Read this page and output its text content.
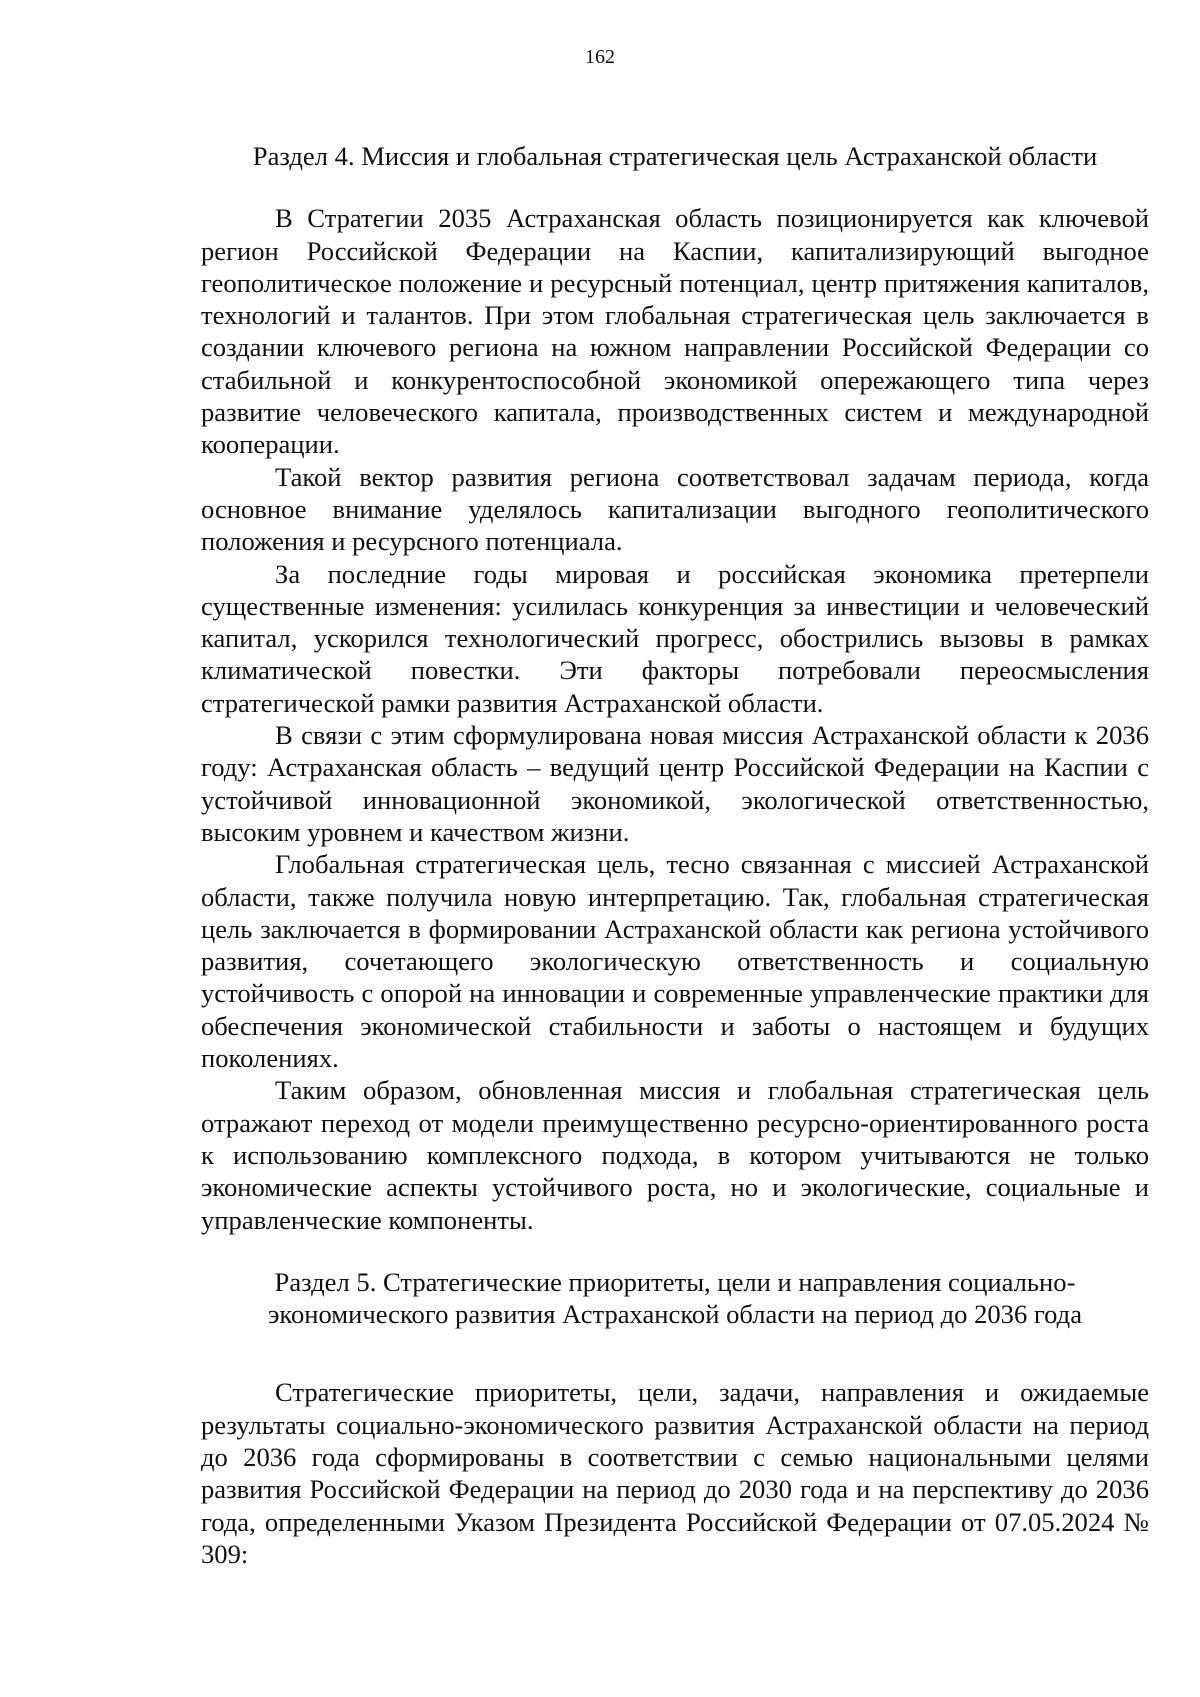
162
Раздел 4. Миссия и глобальная стратегическая цель Астраханской области

В Стратегии 2035 Астраханская область позиционируется как ключевой регион Российской Федерации на Каспии, капитализирующий выгодное геополитическое положение и ресурсный потенциал, центр притяжения капиталов, технологий и талантов. При этом глобальная стратегическая цель заключается в создании ключевого региона на южном направлении Российской Федерации со стабильной и конкурентоспособной экономикой опережающего типа через развитие человеческого капитала, производственных систем и международной кооперации.

Такой вектор развития региона соответствовал задачам периода, когда основное внимание уделялось капитализации выгодного геополитического положения и ресурсного потенциала.

За последние годы мировая и российская экономика претерпели существенные изменения: усилилась конкуренция за инвестиции и человеческий капитал, ускорился технологический прогресс, обострились вызовы в рамках климатической повестки. Эти факторы потребовали переосмысления стратегической рамки развития Астраханской области.

В связи с этим сформулирована новая миссия Астраханской области к 2036 году: Астраханская область – ведущий центр Российской Федерации на Каспии с устойчивой инновационной экономикой, экологической ответственностью, высоким уровнем и качеством жизни.

Глобальная стратегическая цель, тесно связанная с миссией Астраханской области, также получила новую интерпретацию. Так, глобальная стратегическая цель заключается в формировании Астраханской области как региона устойчивого развития, сочетающего экологическую ответственность и социальную устойчивость с опорой на инновации и современные управленческие практики для обеспечения экономической стабильности и заботы о настоящем и будущих поколениях.

Таким образом, обновленная миссия и глобальная стратегическая цель отражают переход от модели преимущественно ресурсно-ориентированного роста к использованию комплексного подхода, в котором учитываются не только экономические аспекты устойчивого роста, но и экологические, социальные и управленческие компоненты.

Раздел 5. Стратегические приоритеты, цели и направления социально-
экономического развития Астраханской области на период до 2036 года

Стратегические приоритеты, цели, задачи, направления и ожидаемые результаты социально-экономического развития Астраханской области на период до 2036 года сформированы в соответствии с семью национальными целями развития Российской Федерации на период до 2030 года и на перспективу до 2036 года, определенными Указом Президента Российской Федерации от 07.05.2024 № 309:
